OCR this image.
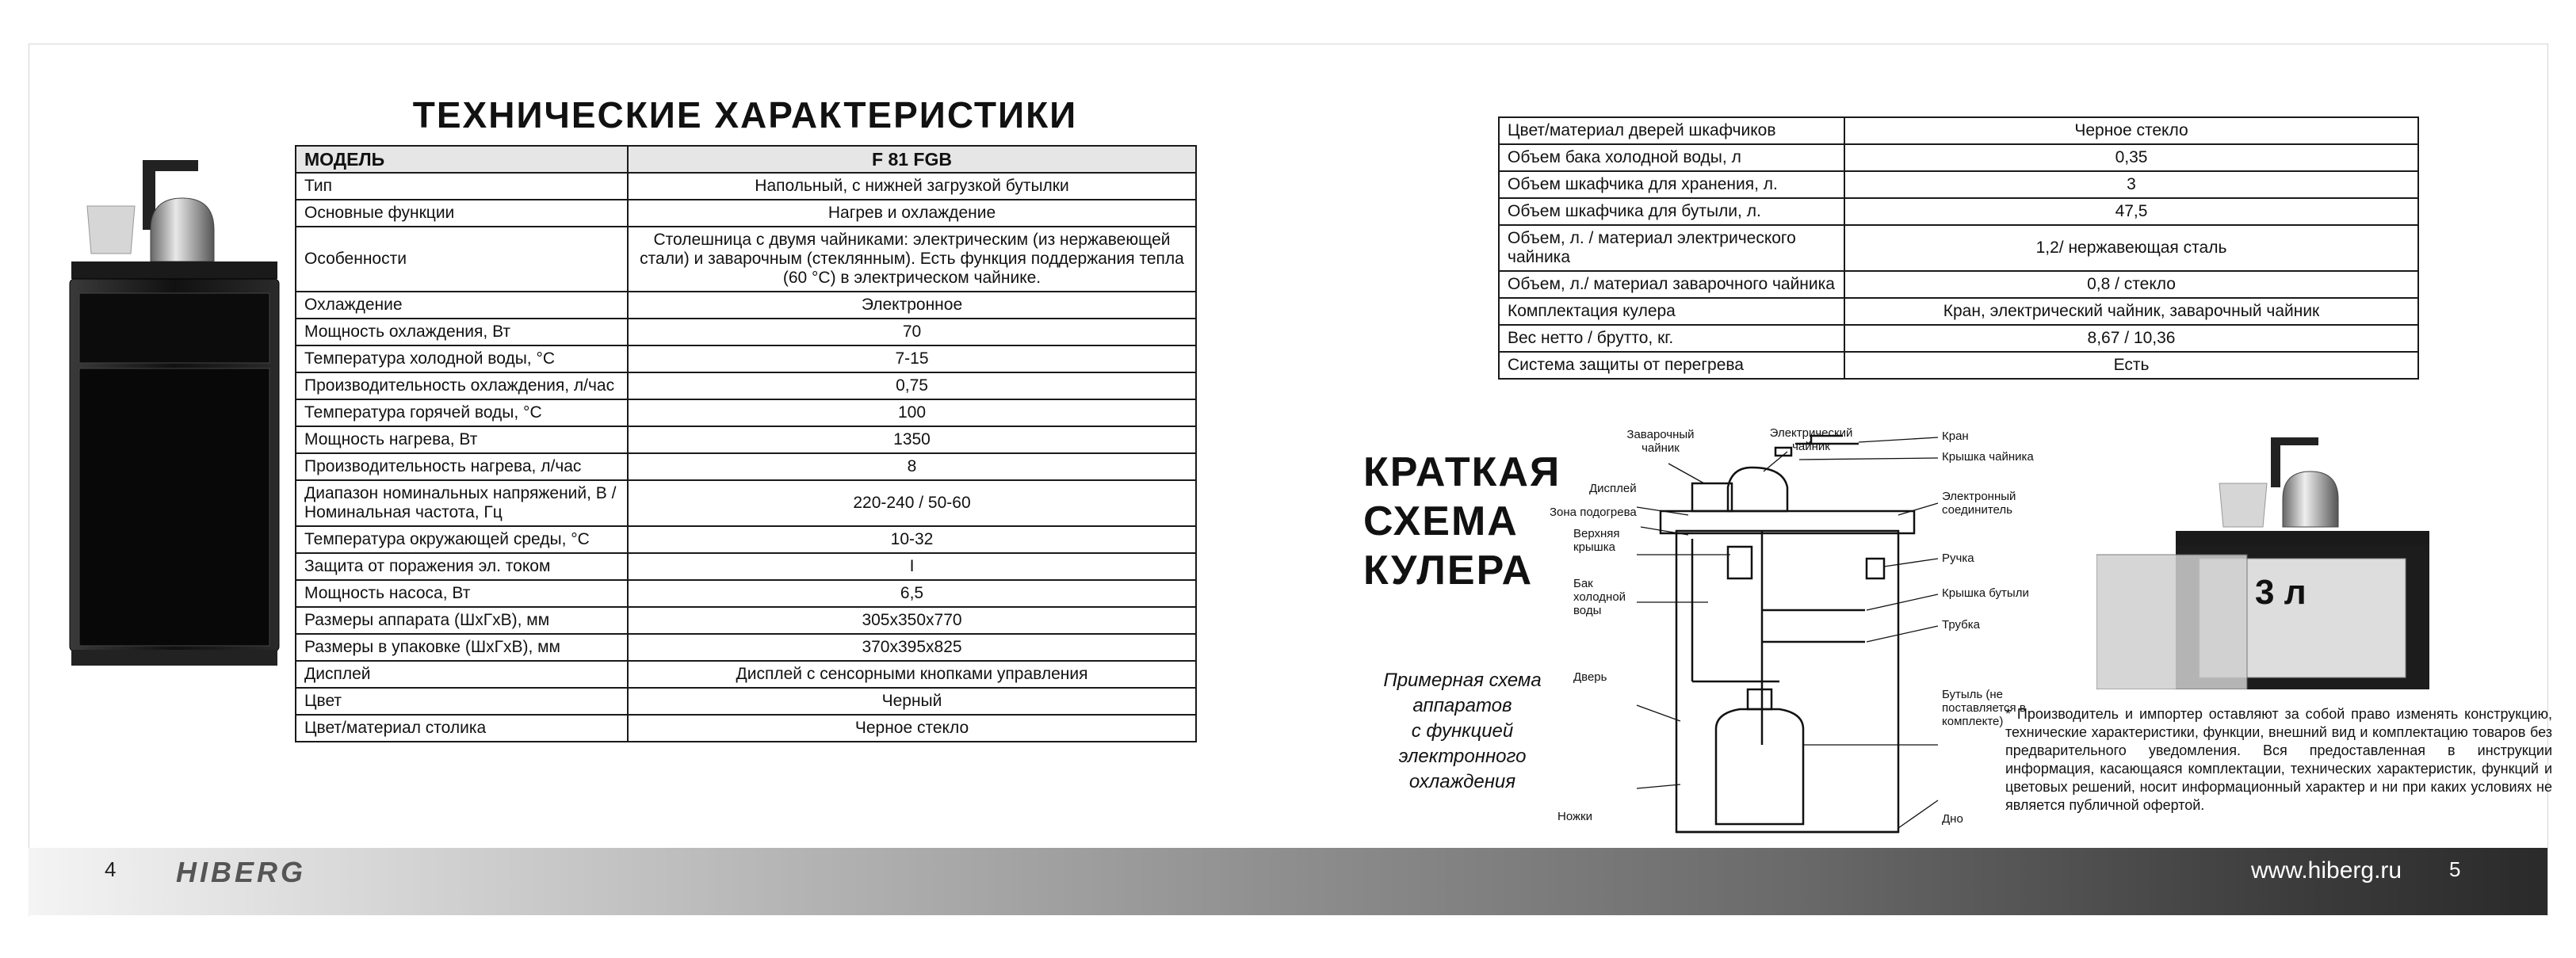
ТЕХНИЧЕСКИЕ ХАРАКТЕРИСТИКИ
МОДЕЛЬ	F 81 FGB
Тип	Напольный, с нижней загрузкой бутылки
Основные функции	Нагрев и охлаждение
Особенности	Столешница с двумя чайниками: электрическим (из нержавеющей стали) и заварочным (стеклянным). Есть функция поддержания тепла (60 °C) в электрическом чайнике.
Охлаждение	Электронное
Мощность охлаждения, Вт	70
Температура холодной воды, °C	7-15
Производительность охлаждения, л/час	0,75
Температура горячей воды, °C	100
Мощность нагрева, Вт	1350
Производительность нагрева, л/час	8
Диапазон номинальных напряжений, В /Номинальная частота, Гц	220-240 / 50-60
Температура окружающей среды, °C	10-32
Защита от поражения эл. током	I
Мощность насоса, Вт	6,5
Размеры аппарата (ШхГхВ), мм	305x350x770
Размеры в упаковке (ШхГхВ), мм	370x395x825
Дисплей	Дисплей с сенсорными кнопками управления
Цвет	Черный
Цвет/материал столика	Черное стекло
4 HIBERG
Цвет/материал дверей шкафчиков	Черное стекло
Объем бака холодной воды, л	0,35
Объем шкафчика для хранения, л.	3
Объем шкафчика для бутыли, л.	47,5
Объем, л. / материал электрического чайника	1,2/ нержавеющая сталь
Объем, л./ материал заварочного чайника	0,8 / стекло
Комплектация кулера	Кран, электрический чайник, заварочный чайник
Вес нетто / брутто, кг.	8,67 / 10,36
Система защиты от перегрева	Есть
КРАТКАЯ
СХЕМА
КУЛЕРА
Примерная схема
аппаратов
с функцией
электронного
охлаждения
Заварочный чайник
Электрический чайник
Дисплей
Зона подогрева
Верхняя крышка
Бак холодной воды
Дверь
Ножки
Кран
Крышка чайника
Электронный соединитель
Ручка
Крышка бутыли
Трубка
Бутыль (не поставляется в комплекте)
Дно
3 л
* Производитель и импортер оставляют за собой право изменять конструкцию, технические характеристики, функции, внешний вид и комплектацию товаров без предварительного уведомления. Вся предоставленная в инструкции информация, касающаяся комплектации, технических характеристик, функций и цветовых решений, носит информационный характер и ни при каких условиях не является публичной офертой.
www.hiberg.ru 5
